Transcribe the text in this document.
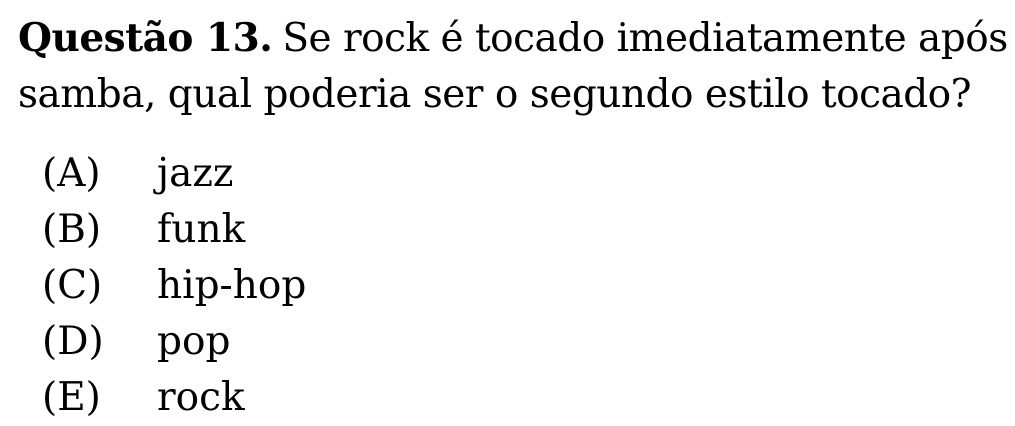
Questão 13. Se rock é tocado imediatamente após
samba, qual poderia ser o segundo estilo tocado?
(A)	jazz
(B)	funk
(C)	hip-hop
(D)	pop
(E)	rock
